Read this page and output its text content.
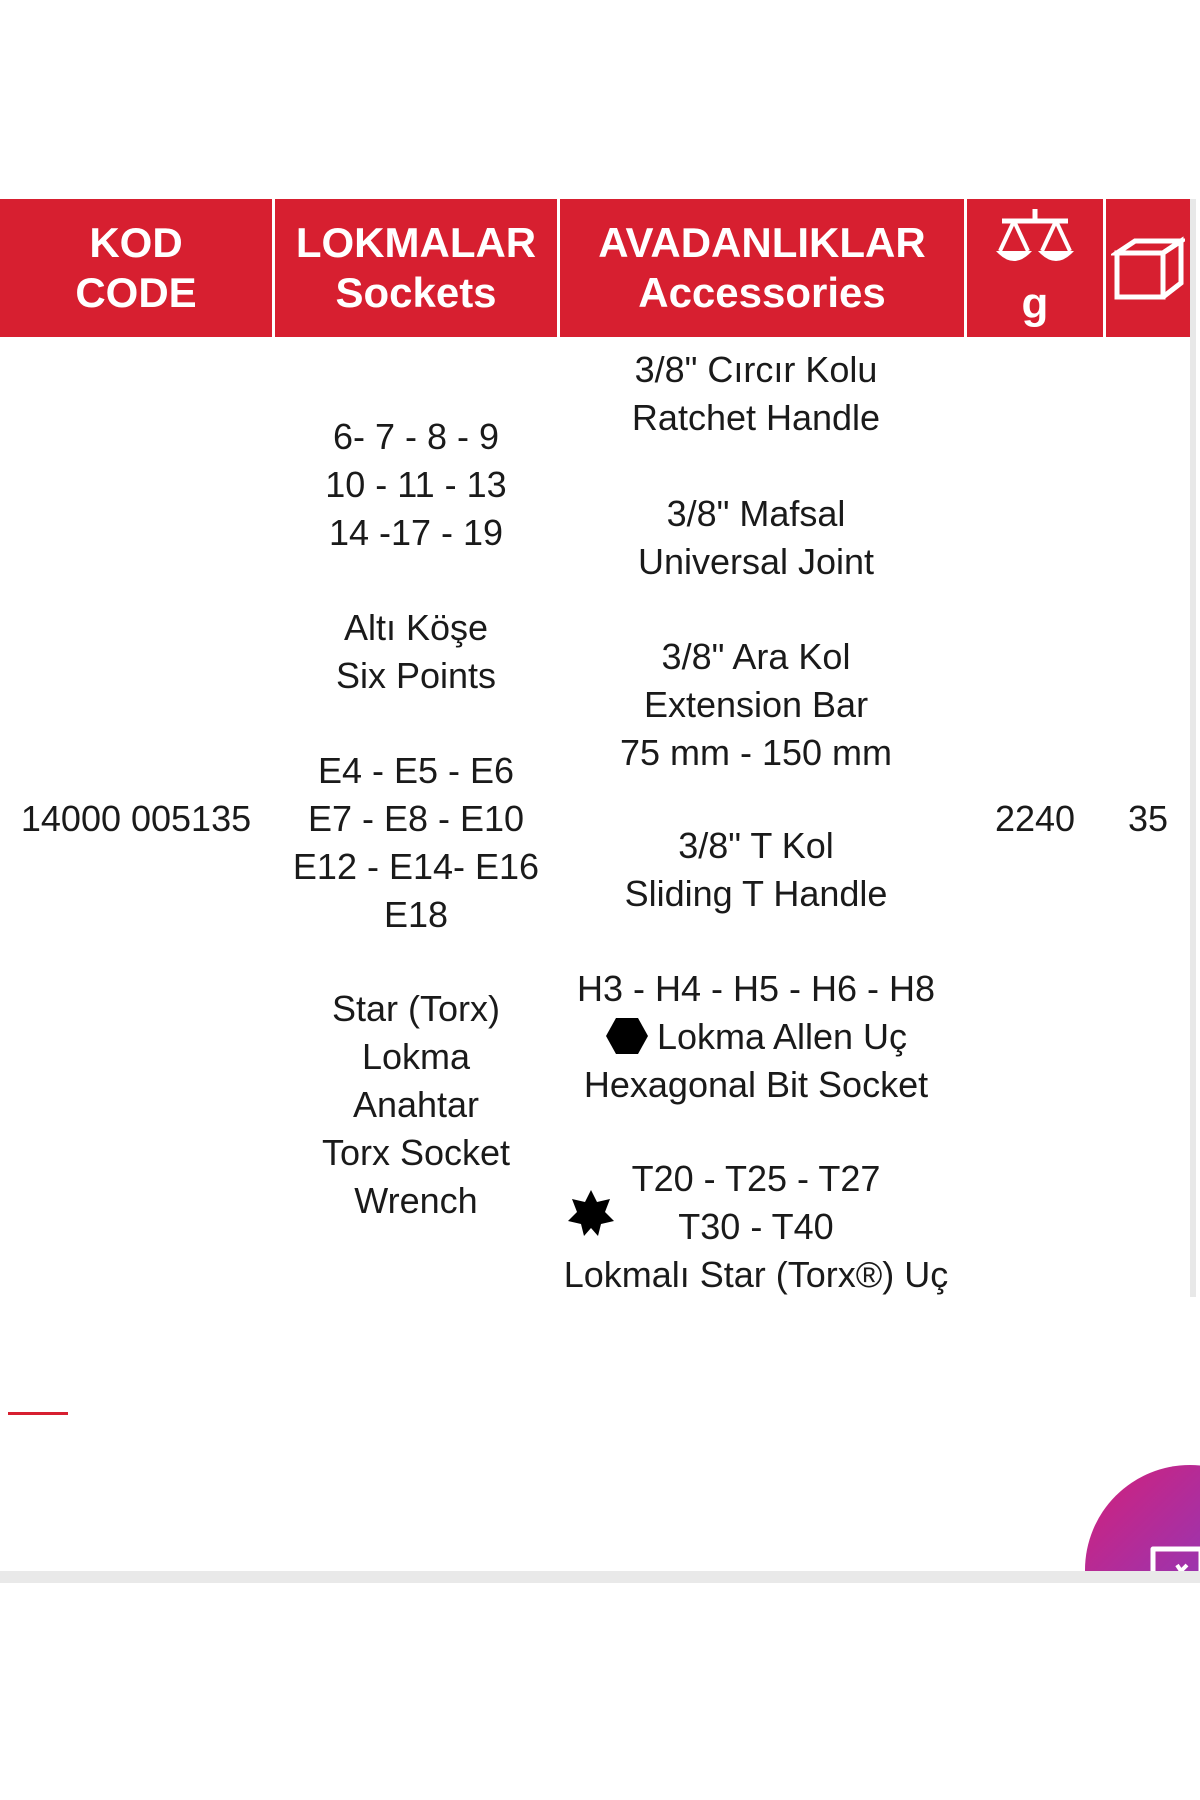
KOD
CODE
LOKMALAR
Sockets
AVADANLIKLAR
Accessories	g
14000 005135
6- 7 - 8 - 9
10 - 11 - 13
14 -17 - 19
Altı Köşe
Six Points
E4 - E5 - E6
E7 - E8 - E10
E12 - E14- E16
E18
Star (Torx)
Lokma
Anahtar
Torx Socket
Wrench
3/8" Cırcır Kolu
Ratchet Handle
3/8" Mafsal
Universal Joint
3/8" Ara Kol
Extension Bar
75 mm - 150 mm
3/8" T Kol
Sliding T Handle
H3 - H4 - H5 - H6 - H8
Lokma Allen Uç
Hexagonal Bit Socket
T20 - T25 - T27
T30 - T40
Lokmalı Star (Torx®) Uç
2240	35
